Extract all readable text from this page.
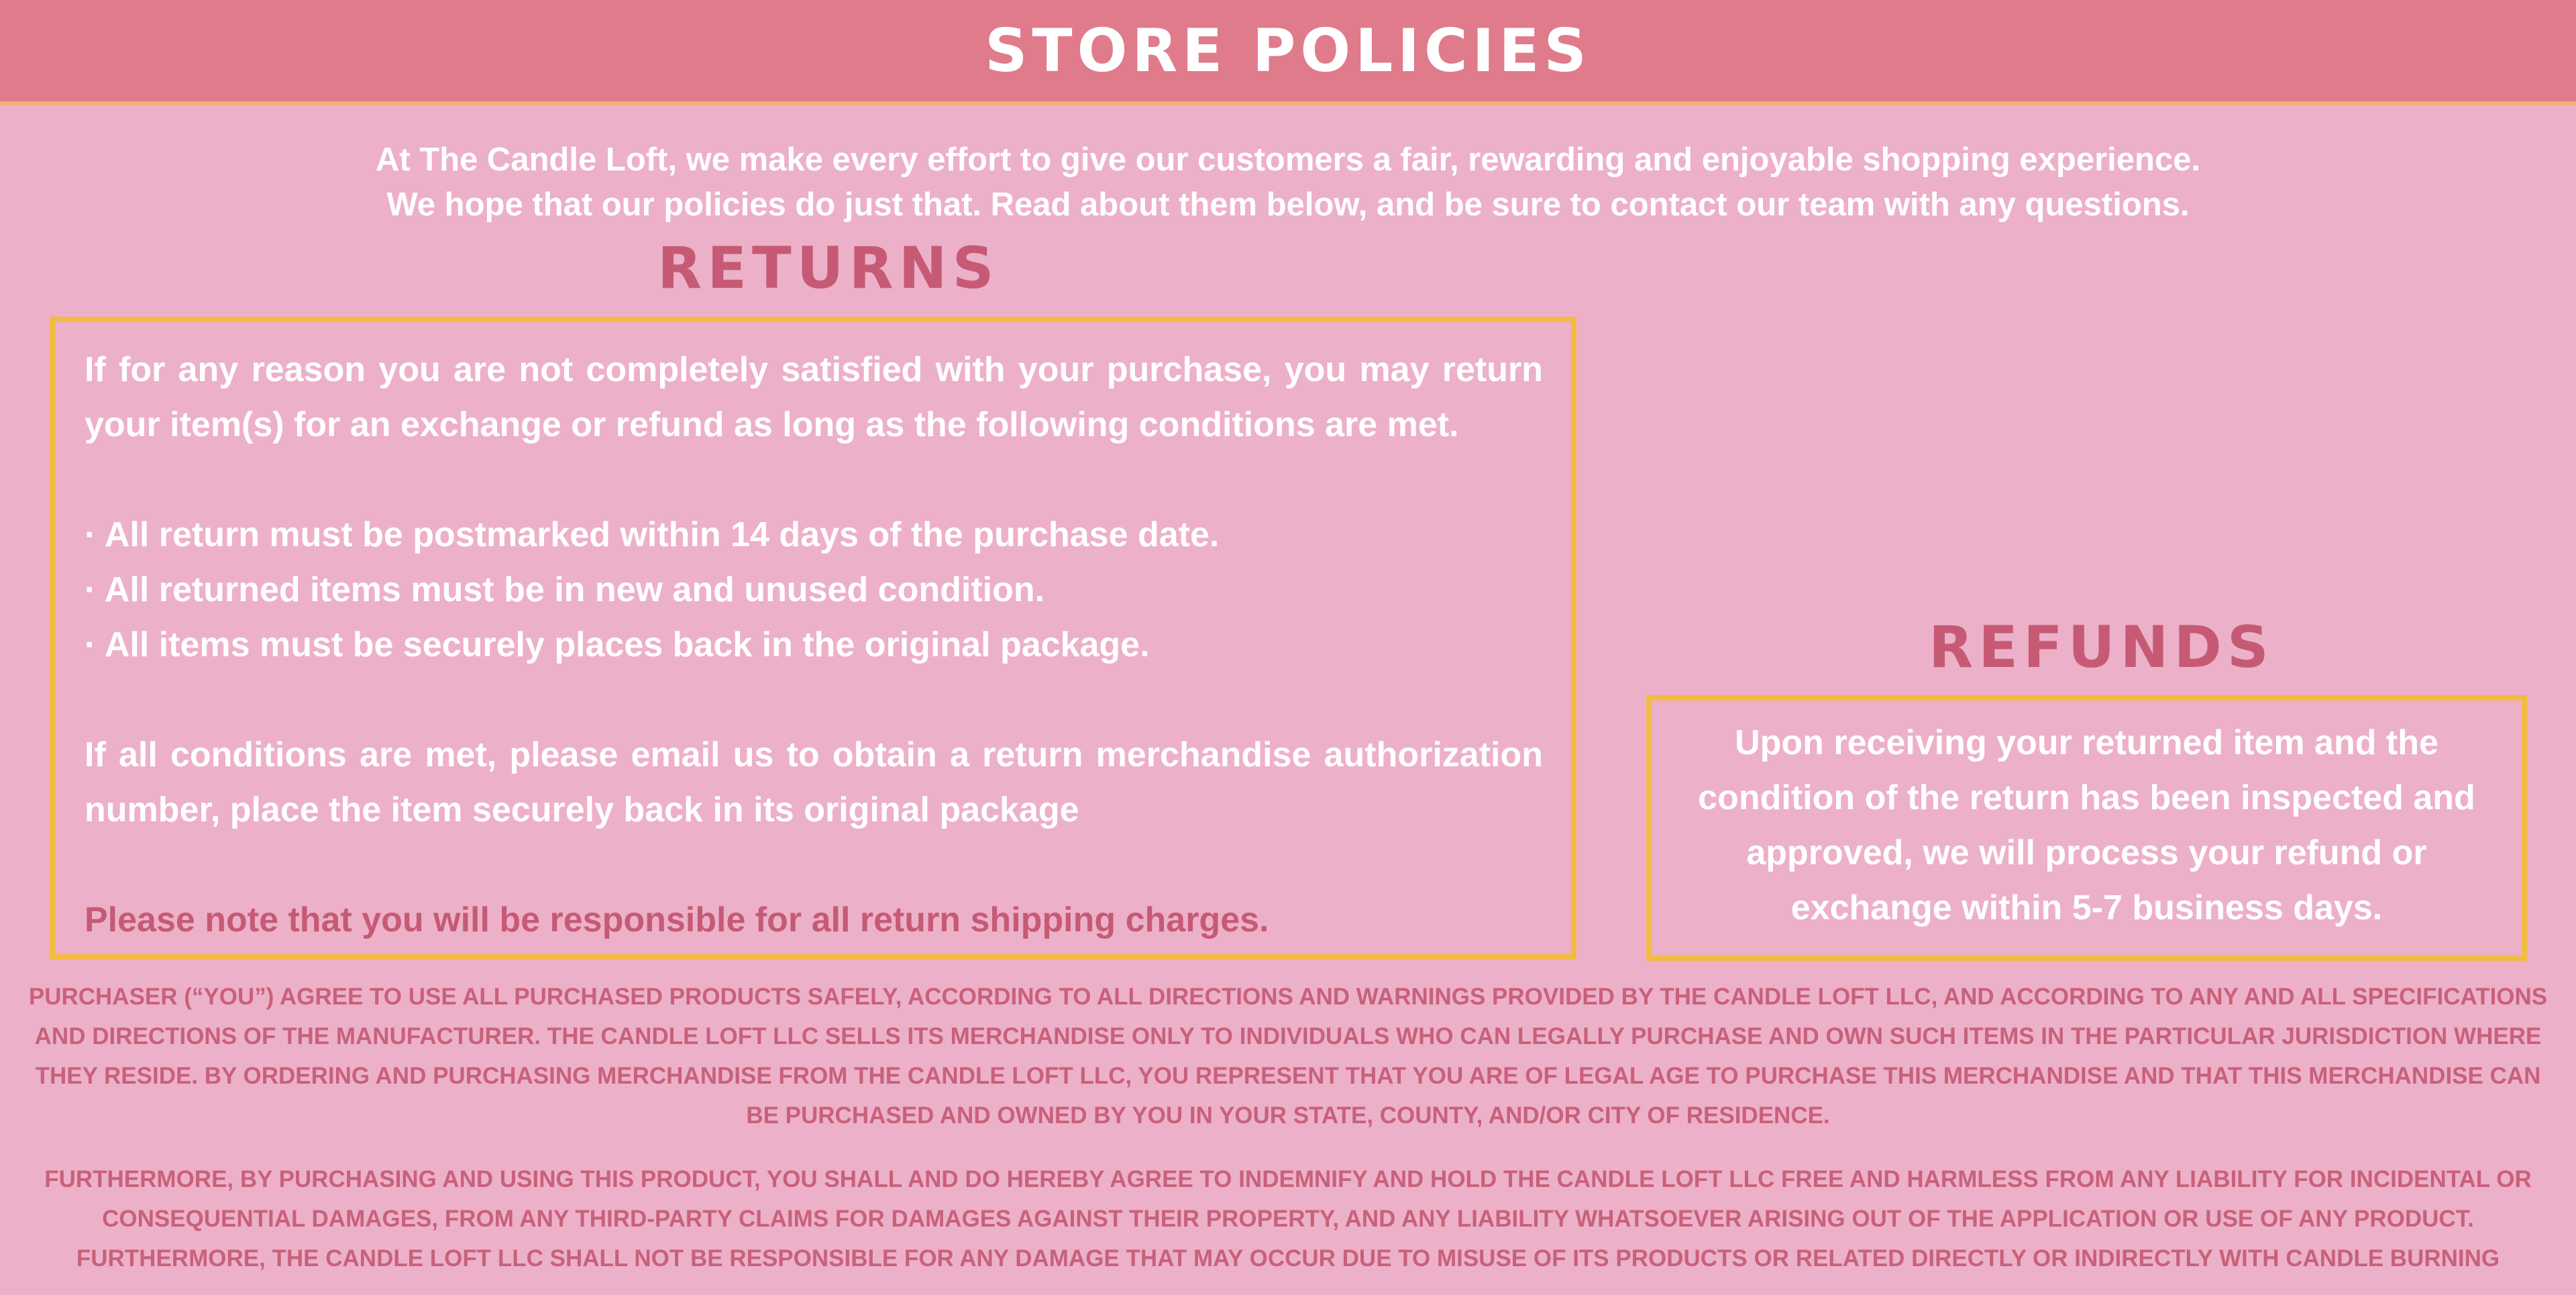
STORE POLICIES
At The Candle Loft, we make every effort to give our customers a fair, rewarding and enjoyable shopping experience.
We hope that our policies do just that. Read about them below, and be sure to contact our team with any questions.
RETURNS

If for any reason you are not completely satisfied with your purchase, you may return your item(s) for an exchange or refund as long as the following conditions are met.

· All return must be postmarked within 14 days of the purchase date.

· All returned items must be in new and unused condition.

· All items must be securely places back in the original package.

If all conditions are met, please email us to obtain a return merchandise authorization number, place the item securely back in its original package

Please note that you will be responsible for all return shipping charges.

REFUNDS
Upon receiving your returned item and the condition of the return has been inspected and approved, we will process your refund or exchange within 5-7 business days.
PURCHASER (“YOU”) AGREE TO USE ALL PURCHASED PRODUCTS SAFELY, ACCORDING TO ALL DIRECTIONS AND WARNINGS PROVIDED BY THE CANDLE LOFT LLC, AND ACCORDING TO ANY AND ALL SPECIFICATIONS AND DIRECTIONS OF THE MANUFACTURER. THE CANDLE LOFT LLC SELLS ITS MERCHANDISE ONLY TO INDIVIDUALS WHO CAN LEGALLY PURCHASE AND OWN SUCH ITEMS IN THE PARTICULAR JURISDICTION WHERE THEY RESIDE. BY ORDERING AND PURCHASING MERCHANDISE FROM THE CANDLE LOFT LLC, YOU REPRESENT THAT YOU ARE OF LEGAL AGE TO PURCHASE THIS MERCHANDISE AND THAT THIS MERCHANDISE CAN BE PURCHASED AND OWNED BY YOU IN YOUR STATE, COUNTY, AND/OR CITY OF RESIDENCE.
FURTHERMORE, BY PURCHASING AND USING THIS PRODUCT, YOU SHALL AND DO HEREBY AGREE TO INDEMNIFY AND HOLD THE CANDLE LOFT LLC FREE AND HARMLESS FROM ANY LIABILITY FOR INCIDENTAL OR CONSEQUENTIAL DAMAGES, FROM ANY THIRD-PARTY CLAIMS FOR DAMAGES AGAINST THEIR PROPERTY, AND ANY LIABILITY WHATSOEVER ARISING OUT OF THE APPLICATION OR USE OF ANY PRODUCT. FURTHERMORE, THE CANDLE LOFT LLC SHALL NOT BE RESPONSIBLE FOR ANY DAMAGE THAT MAY OCCUR DUE TO MISUSE OF ITS PRODUCTS OR RELATED DIRECTLY OR INDIRECTLY WITH CANDLE BURNING
